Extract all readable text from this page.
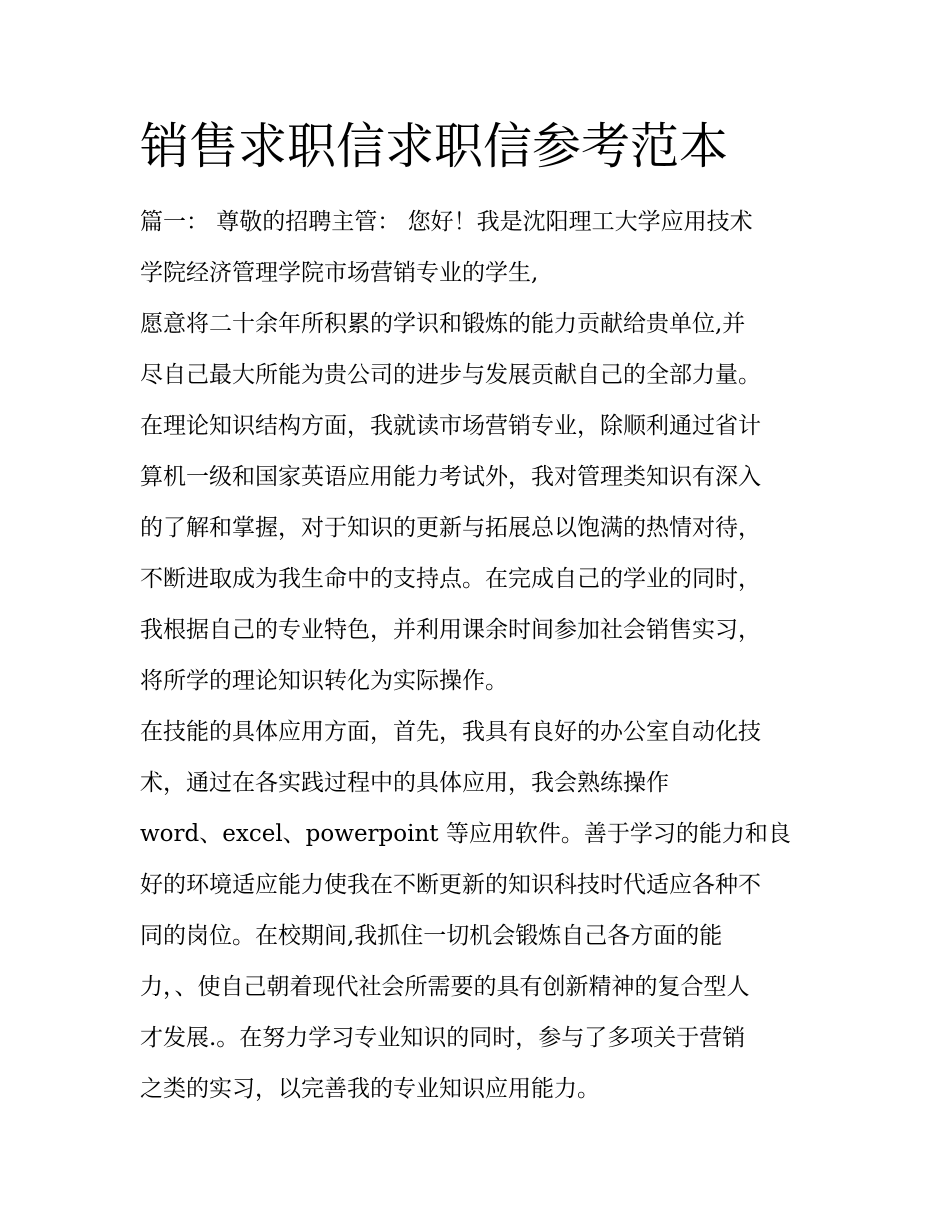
销售求职信求职信参考范本
篇一： 尊敬的招聘主管： 您好！我是沈阳理工大学应用技术
学院经济管理学院市场营销专业的学生,
愿意将二十余年所积累的学识和锻炼的能力贡献给贵单位,并
尽自己最大所能为贵公司的进步与发展贡献自己的全部力量。
在理论知识结构方面，我就读市场营销专业，除顺利通过省计
算机一级和国家英语应用能力考试外，我对管理类知识有深入
的了解和掌握，对于知识的更新与拓展总以饱满的热情对待，
不断进取成为我生命中的支持点。在完成自己的学业的同时，
我根据自己的专业特色，并利用课余时间参加社会销售实习，
将所学的理论知识转化为实际操作。
在技能的具体应用方面，首先，我具有良好的办公室自动化技
术，通过在各实践过程中的具体应用，我会熟练操作
word、excel、powerpoint 等应用软件。善于学习的能力和良
好的环境适应能力使我在不断更新的知识科技时代适应各种不
同的岗位。在校期间,我抓住一切机会锻炼自己各方面的能
力，、使自己朝着现代社会所需要的具有创新精神的复合型人
才发展.。在努力学习专业知识的同时，参与了多项关于营销
之类的实习，以完善我的专业知识应用能力。
